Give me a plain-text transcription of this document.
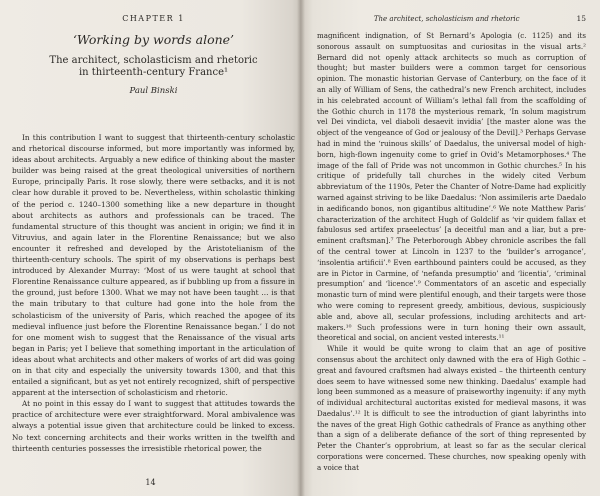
CHAPTER 1

‘Working by words alone’

The architect, scholasticism and rhetoric in thirteenth-century France¹

Paul Binski

In this contribution I want to suggest that thirteenth-century scholastic and rhetorical discourse informed, but more importantly was informed by, ideas about architects. Arguably a new edifice of thinking about the master builder was being raised at the great theological universities of northern Europe, principally Paris. It rose slowly, there were setbacks, and it is not clear how durable it proved to be. Nevertheless, within scholastic thinking of the period c. 1240–1300 something like a new departure in thought about architects as authors and professionals can be traced. The fundamental structure of this thought was ancient in origin; we find it in Vitruvius, and again later in the Florentine Renaissance; but we also encounter it refreshed and developed by the Aristotelianism of the thirteenth-century schools. The spirit of my observations is perhaps best introduced by Alexander Murray: ‘Most of us were taught at school that Florentine Renaissance culture appeared, as if bubbling up from a fissure in the ground, just before 1300. What we may not have been taught … is that the main tributary to that culture had gone into the hole from the scholasticism of the university of Paris, which reached the apogee of its medieval influence just before the Florentine Renaissance began.’ I do not for one moment wish to suggest that the Renaissance of the visual arts began in Paris; yet I believe that something important in the articulation of ideas about what architects and other makers of works of art did was going on in that city and especially the university towards 1300, and that this entailed a significant, but as yet not entirely recognized, shift of perspective apparent at the intersection of scholasticism and rhetoric.

At no point in this essay do I want to suggest that attitudes towards the practice of architecture were ever straightforward. Moral ambivalence was always a potential issue given that architecture could be linked to excess. No text concerning architects and their works written in the twelfth and thirteenth centuries possesses the irresistible rhetorical power, the

14
The architect, scholasticism and rhetoric	15

magnificent indignation, of St Bernard’s Apologia (c. 1125) and its sonorous assault on sumptuositas and curiositas in the visual arts.² Bernard did not openly attack architects so much as corruption of thought; but master builders were a common target for censorious opinion. The monastic historian Gervase of Canterbury, on the face of it an ally of William of Sens, the cathedral’s new French architect, includes in his celebrated account of William’s lethal fall from the scaffolding of the Gothic church in 1178 the mysterious remark, ‘In solum magistrum vel Dei vindicta, vel diaboli desaevit invidia’ [the master alone was the object of the vengeance of God or jealousy of the Devil].³ Perhaps Gervase had in mind the ‘ruinous skills’ of Daedalus, the universal model of high-born, high-flown ingenuity come to grief in Ovid’s Metamorphoses.⁴ The image of the fall of Pride was not uncommon in Gothic churches.⁵ In his critique of pridefully tall churches in the widely cited Verbum abbreviatum of the 1190s, Peter the Chanter of Notre-Dame had explicitly warned against striving to be like Daedalus: ‘Non assimileris arte Daedalo in aedificando bonos, non gigantibus altitudine’.⁶ We note Matthew Paris’ characterization of the architect Hugh of Goldclif as ‘vir quidem fallax et fabulosus sed artifex praeelectus’ [a deceitful man and a liar, but a pre-eminent craftsman].⁷ The Peterborough Abbey chronicle ascribes the fall of the central tower at Lincoln in 1237 to the ‘builder’s arrogance’, ‘insolentia artificii’.⁸ Even earthbound painters could be accused, as they are in Pictor in Carmine, of ‘nefanda presumptio’ and ‘licentia’, ‘criminal presumption’ and ‘licence’.⁹ Commentators of an ascetic and especially monastic turn of mind were plentiful enough, and their targets were those who were coming to represent greedy, ambitious, devious, suspiciously able and, above all, secular professions, including architects and art-makers.¹⁰ Such professions were in turn honing their own assault, theoretical and social, on ancient vested interests.¹¹

While it would be quite wrong to claim that an age of positive consensus about the architect only dawned with the era of High Gothic – great and favoured craftsmen had always existed – the thirteenth century does seem to have witnessed some new thinking. Daedalus’ example had long been summoned as a measure of praiseworthy ingenuity: if any myth of individual architectural auctoritas existed for medieval masons, it was Daedalus’.¹² It is difficult to see the introduction of giant labyrinths into the naves of the great High Gothic cathedrals of France as anything other than a sign of a deliberate defiance of the sort of thing represented by Peter the Chanter’s opprobrium, at least so far as the secular clerical corporations were concerned. These churches, now speaking openly with a voice that
